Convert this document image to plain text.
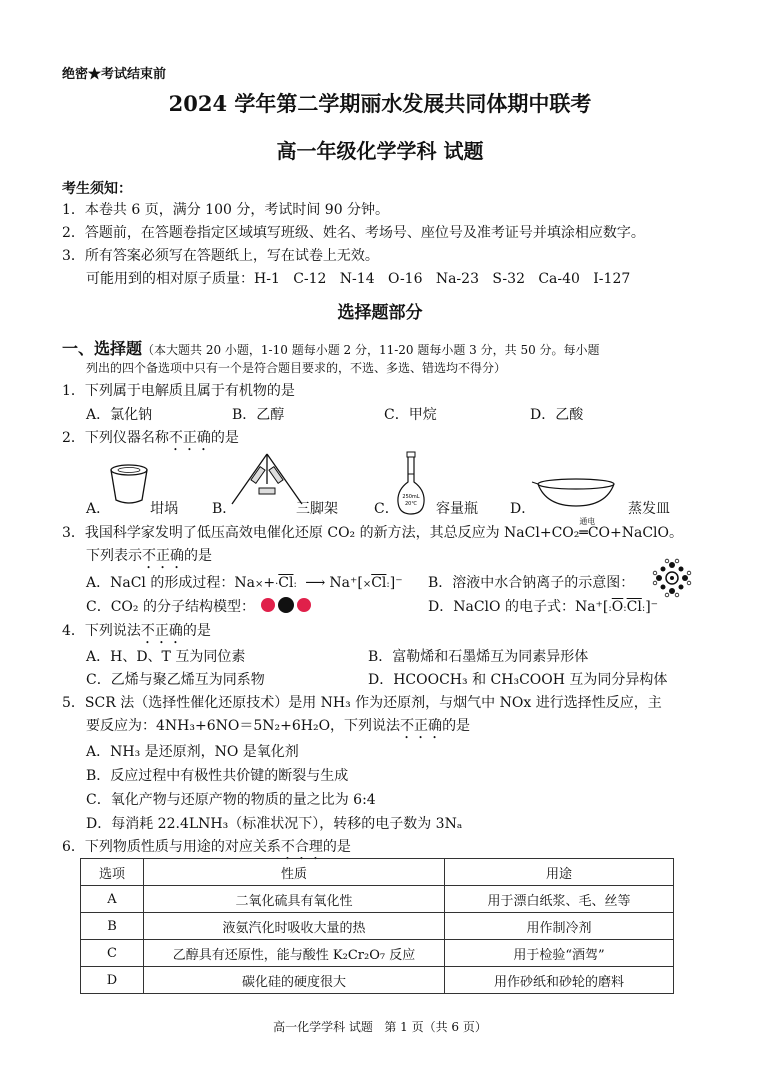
绝密★考试结束前
2024 学年第二学期丽水发展共同体期中联考
高一年级化学学科 试题
考生须知：
1．本卷共 6 页，满分 100 分，考试时间 90 分钟。
2．答题前，在答题卷指定区域填写班级、姓名、考场号、座位号及准考证号并填涂相应数字。
3．所有答案必须写在答题纸上，写在试卷上无效。
可能用到的相对原子质量：H-1   C-12   N-14   O-16   Na-23   S-32   Ca-40   I-127
选择题部分
一、选择题（本大题共 20 小题，1-10 题每小题 2 分，11-20 题每小题 3 分，共 50 分。每小题
列出的四个备选项中只有一个是符合题目要求的，不选、多选、错选均不得分）
1．下列属于电解质且属于有机物的是
A．氯化钠	B．乙醇	C．甲烷	D．乙酸
2．下列仪器名称不正确的是
250mL
20℃
A．	坩埚 B．	三脚架	C．	容量瓶 D．	蒸发皿
3．我国科学家发明了低压高效电催化还原 CO₂ 的新方法，其总反应为 NaCl+CO₂
通电
═CO+NaClO。
下列表示不正确的是
A．NaCl 的形成过程：$Na\times+\cdot\overline{Cl}$: ⟶ $Na^+[\times\overline{Cl}:]^-$ B．溶液中水合钠离子的示意图：
C．CO₂ 的分子结构模型：	D．NaClO 的电子式：$Na^+[:\overline{O}:\overline{Cl}:]^-$
4．下列说法不正确的是
A．H、D、T 互为同位素	B．富勒烯和石墨烯互为同素异形体
C．乙烯与聚乙烯互为同系物	D．HCOOCH₃ 和 CH₃COOH 互为同分异构体
5．SCR 法（选择性催化还原技术）是用 NH₃ 作为还原剂，与烟气中 NOx 进行选择性反应，主
要反应为：4NH₃+6NO＝5N₂+6H₂O，下列说法不正确的是
A．NH₃ 是还原剂，NO 是氧化剂
B．反应过程中有极性共价键的断裂与生成
C．氧化产物与还原产物的物质的量之比为 6:4
D．每消耗 22.4LNH₃（标准状况下），转移的电子数为 3Nₐ
6．下列物质性质与用途的对应关系不合理的是
选项	性质	用途
A	二氧化硫具有氧化性	用于漂白纸浆、毛、丝等
B	液氨汽化时吸收大量的热	用作制冷剂
C	乙醇具有还原性，能与酸性 K₂Cr₂O₇ 反应	用于检验“酒驾”
D	碳化硅的硬度很大	用作砂纸和砂轮的磨料
高一化学学科 试题   第 1 页（共 6 页）
